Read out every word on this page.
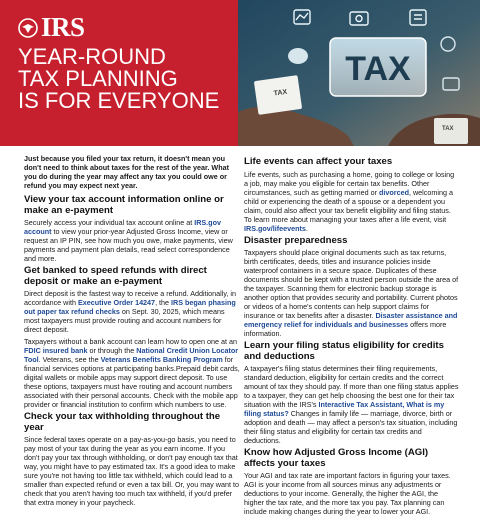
IRS
YEAR-ROUND
TAX PLANNING
IS FOR EVERYONE
TAX
TAX
TAX

Just because you filed your tax return, it doesn't mean you don't need to think about taxes for the rest of the year. What you do during the year may affect any tax you could owe or refund you may expect next year.

View your tax account information online or make an e-payment

Securely access your individual tax account online at IRS.gov account to view your prior-year Adjusted Gross Income, view or request an IP PIN, see how much you owe, make payments, view payments and payment plan details, read select correspondence and more.

Get banked to speed refunds with direct deposit or make an e-payment

Direct deposit is the fastest way to receive a refund. Additionally, in accordance with Executive Order 14247, the IRS began phasing out paper tax refund checks on Sept. 30, 2025, which means most taxpayers must provide routing and account numbers for direct deposit.

Taxpayers without a bank account can learn how to open one at an FDIC insured bank or through the National Credit Union Locator Tool. Veterans, see the Veterans Benefits Banking Program for financial services options at participating banks.Prepaid debit cards, digital wallets or mobile apps may support direct deposit. To use these options, taxpayers must have routing and account numbers associated with their personal accounts. Check with the mobile app provider or financial institution to confirm which numbers to use.

Check your tax withholding throughout the year

Since federal taxes operate on a pay-as-you-go basis, you need to pay most of your tax during the year as you earn income. If you don't pay your tax through withholding, or don't pay enough tax that way, you might have to pay estimated tax. It's a good idea to make sure you're not having too little tax withheld, which could lead to a smaller than expected refund or even a tax bill. Or, you may want to check that you aren't having too much tax withheld, if you'd prefer that extra money in your paycheck.

Life events can affect your taxes

Life events, such as purchasing a home, going to college or losing a job, may make you eligible for certain tax benefits. Other circumstances, such as getting married or divorced, welcoming a child or experiencing the death of a spouse or a dependent you claim, could also affect your tax benefit eligibility and filing status. To learn more about managing your taxes after a life event, visit IRS.gov/lifeevents.

Disaster preparedness

Taxpayers should place original documents such as tax returns, birth certificates, deeds, titles and insurance policies inside waterproof containers in a secure space. Duplicates of these documents should be kept with a trusted person outside the area of the taxpayer. Scanning them for electronic backup storage is another option that provides security and portability. Current photos or videos of a home's contents can help support claims for insurance or tax benefits after a disaster. Disaster assistance and emergency relief for individuals and businesses offers more information.

Learn your filing status eligibility for credits and deductions

A taxpayer's filing status determines their filing requirements, standard deduction, eligibility for certain credits and the correct amount of tax they should pay. If more than one filing status applies to a taxpayer, they can get help choosing the best one for their tax situation with the IRS's Interactive Tax Assistant, What is my filing status? Changes in family life — marriage, divorce, birth or adoption and death — may affect a person's tax situation, including their filing status and eligibility for certain tax credits and deductions.

Know how Adjusted Gross Income (AGI) affects your taxes

Your AGI and tax rate are important factors in figuring your taxes. AGI is your income from all sources minus any adjustments or deductions to your income. Generally, the higher the AGI, the higher the tax rate, and the more tax you pay. Tax planning can include making changes during the year to lower your AGI.
